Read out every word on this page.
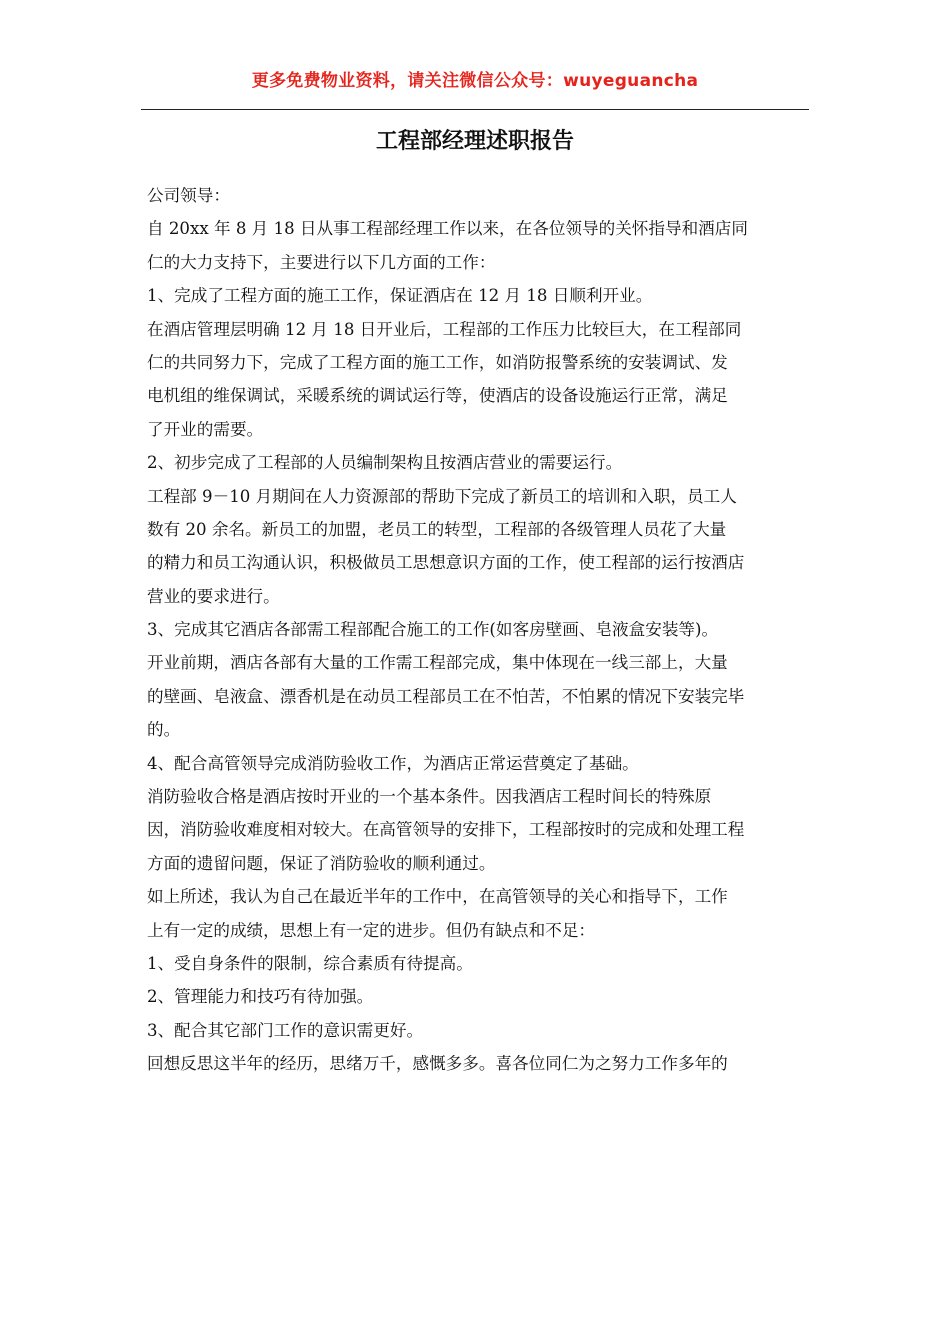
更多免费物业资料，请关注微信公众号：wuyeguancha
工程部经理述职报告
公司领导：
自 20xx 年 8 月 18 日从事工程部经理工作以来，在各位领导的关怀指导和酒店同
仁的大力支持下，主要进行以下几方面的工作：
1、完成了工程方面的施工工作，保证酒店在 12 月 18 日顺利开业。
在酒店管理层明确 12 月 18 日开业后，工程部的工作压力比较巨大，在工程部同
仁的共同努力下，完成了工程方面的施工工作，如消防报警系统的安装调试、发
电机组的维保调试，采暖系统的调试运行等，使酒店的设备设施运行正常，满足
了开业的需要。
2、初步完成了工程部的人员编制架构且按酒店营业的需要运行。
工程部 9－10 月期间在人力资源部的帮助下完成了新员工的培训和入职，员工人
数有 20 余名。新员工的加盟，老员工的转型，工程部的各级管理人员花了大量
的精力和员工沟通认识，积极做员工思想意识方面的工作，使工程部的运行按酒店
营业的要求进行。
3、完成其它酒店各部需工程部配合施工的工作(如客房壁画、皂液盒安装等)。
开业前期，酒店各部有大量的工作需工程部完成，集中体现在一线三部上，大量
的壁画、皂液盒、漂香机是在动员工程部员工在不怕苦，不怕累的情况下安装完毕
的。
4、配合高管领导完成消防验收工作，为酒店正常运营奠定了基础。
消防验收合格是酒店按时开业的一个基本条件。因我酒店工程时间长的特殊原
因，消防验收难度相对较大。在高管领导的安排下，工程部按时的完成和处理工程
方面的遗留问题，保证了消防验收的顺利通过。
如上所述，我认为自己在最近半年的工作中，在高管领导的关心和指导下，工作
上有一定的成绩，思想上有一定的进步。但仍有缺点和不足：
1、受自身条件的限制，综合素质有待提高。
2、管理能力和技巧有待加强。
3、配合其它部门工作的意识需更好。
回想反思这半年的经历，思绪万千，感慨多多。喜各位同仁为之努力工作多年的
